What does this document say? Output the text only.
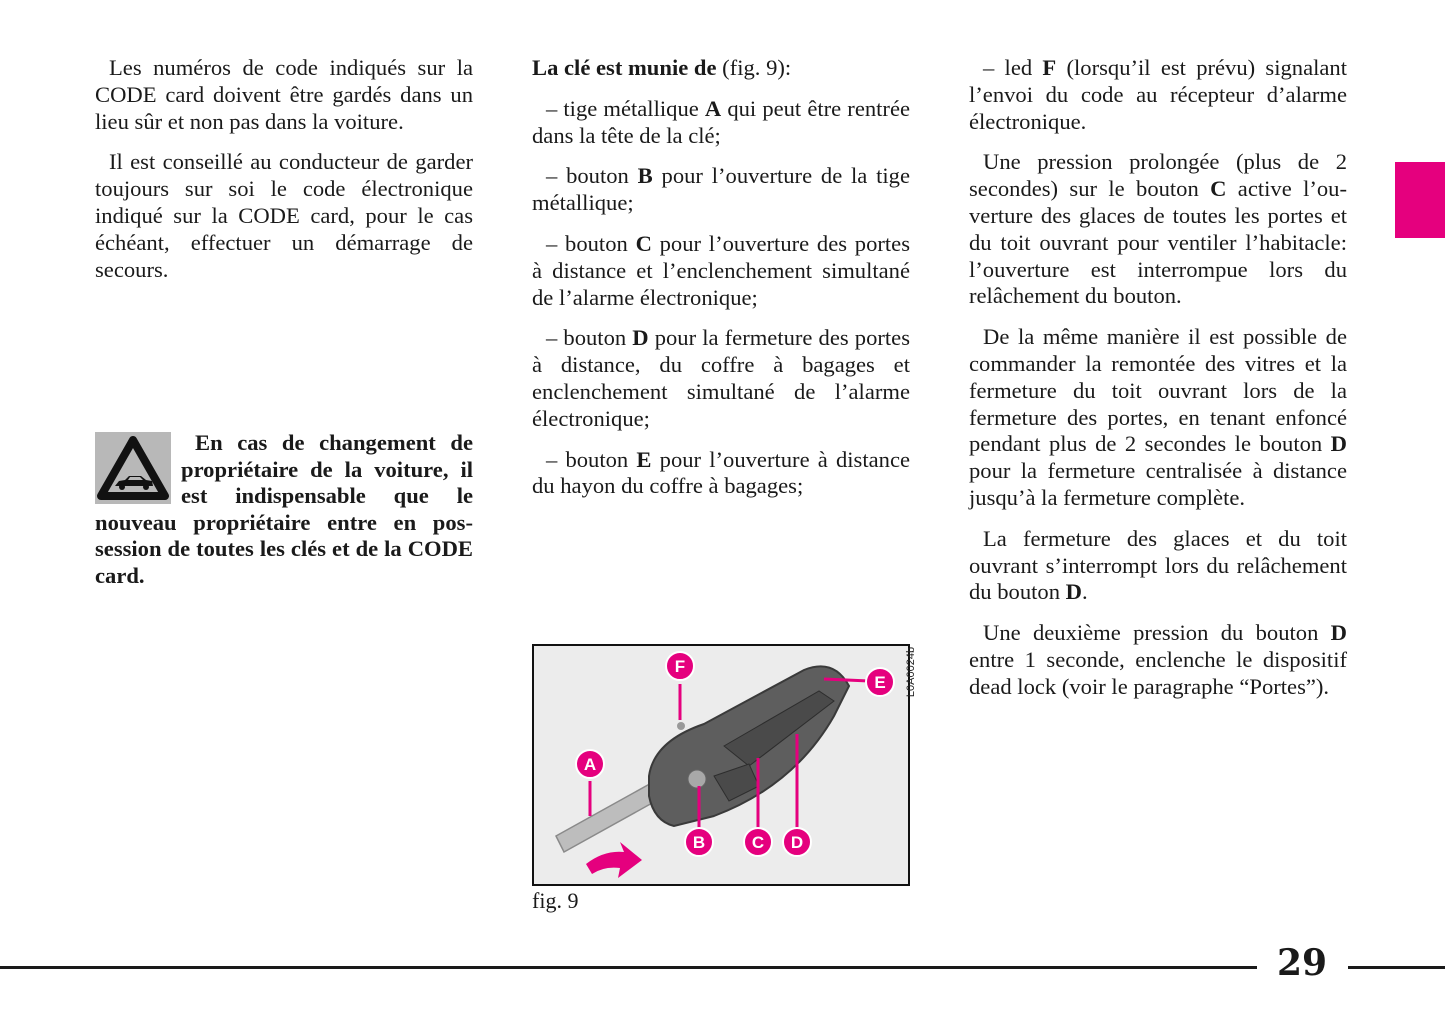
Les numéros de code indiqués sur la CODE card doivent être gardés dans un lieu sûr et non pas dans la voiture.

Il est conseillé au conducteur de garder toujours sur soi le code électronique indiqué sur la CODE card, pour le cas échéant, effectuer un démarrage de secours.

En cas de changement de propriétaire de la voiture, il est indispensable que le nouveau propriétaire entre en possession de toutes les clés et de la CODE card.

La clé est munie de (fig. 9):

– tige métallique A qui peut être rentrée dans la tête de la clé;

– bouton B pour l’ouverture de la tige métallique;

– bouton C pour l’ouverture des portes à distance et l’enclenchement simultané de l’alarme électronique;

– bouton D pour la fermeture des portes à distance, du coffre à bagages et enclenchement simultané de l’alarme électronique;

– bouton E pour l’ouverture à distance du hayon du coffre à bagages;

– led F (lorsqu’il est prévu) signalant l’envoi du code au récepteur d’alarme électronique.

Une pression prolongée (plus de 2 secondes) sur le bouton C active l’ouverture des glaces de toutes les portes et du toit ouvrant pour ventiler l’habitacle: l’ouverture est interrompue lors du relâchement du bouton.

De la même manière il est possible de commander la remontée des vitres et la fermeture du toit ouvrant lors de la fermeture des portes, en tenant enfoncé pendant plus de 2 secondes le bouton D pour la fermeture centralisée à distance jusqu’à la fermeture complète.

La fermeture des glaces et du toit ouvrant s’interrompt lors du relâchement du bouton D.

Une deuxième pression du bouton D entre 1 seconde, enclenche le dispositif dead lock (voir le paragraphe “Portes”).

A
F
B	C D
E L0A0024b
fig. 9
29
